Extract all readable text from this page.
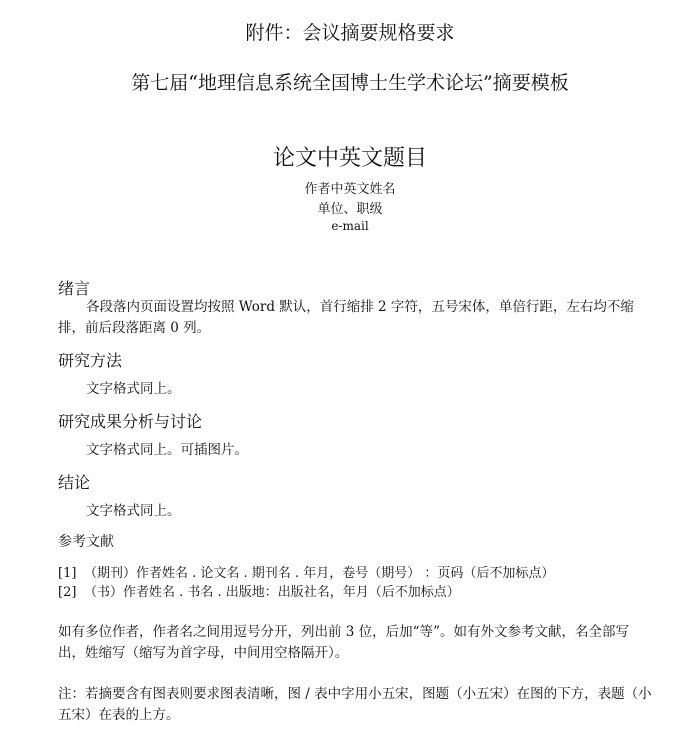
附件：会议摘要规格要求
第七届“地理信息系统全国博士生学术论坛”摘要模板
论文中英文题目
作者中英文姓名
单位、职级
e-mail
绪言
各段落内页面设置均按照 Word 默认，首行缩排 2 字符，五号宋体，单倍行距，左右均不缩排，前后段落距离 0 列。
研究方法
文字格式同上。
研究成果分析与讨论
文字格式同上。可插图片。
结论
文字格式同上。
参考文献
[1] （期刊）作者姓名 . 论文名 . 期刊名 . 年月，卷号（期号） ：页码（后不加标点）
[2] （书）作者姓名 . 书名 . 出版地：出版社名，年月（后不加标点）
如有多位作者，作者名之间用逗号分开，列出前 3 位，后加“等”。如有外文参考文献，名全部写出，姓缩写（缩写为首字母，中间用空格隔开）。
注：若摘要含有图表则要求图表清晰，图 / 表中字用小五宋，图题（小五宋）在图的下方，表题（小五宋）在表的上方。
